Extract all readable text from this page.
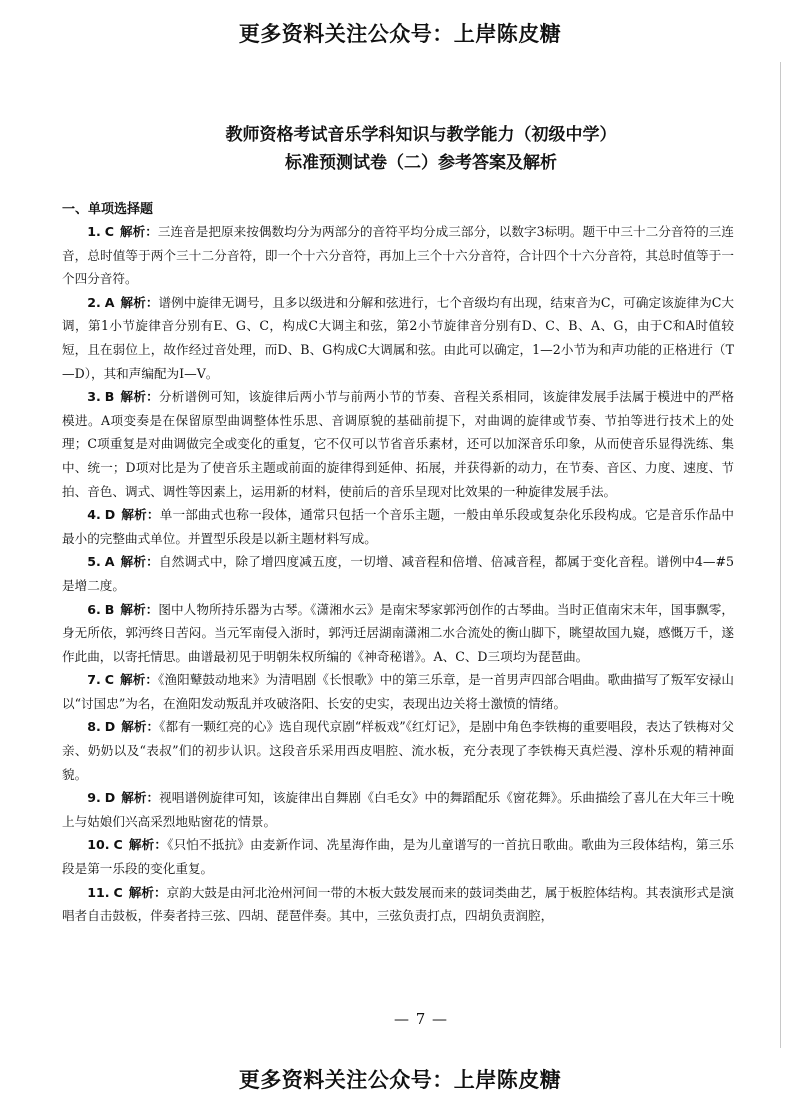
更多资料关注公众号：上岸陈皮糖
教师资格考试音乐学科知识与教学能力（初级中学）
标准预测试卷（二）参考答案及解析
一、单项选择题

1. C 解析：三连音是把原来按偶数均分为两部分的音符平均分成三部分，以数字3标明。题干中三十二分音符的三连音，总时值等于两个三十二分音符，即一个十六分音符，再加上三个十六分音符，合计四个十六分音符，其总时值等于一个四分音符。

2. A 解析：谱例中旋律无调号，且多以级进和分解和弦进行，七个音级均有出现，结束音为C，可确定该旋律为C大调，第1小节旋律音分别有E、G、C，构成C大调主和弦，第2小节旋律音分别有D、C、B、A、G，由于C和A时值较短，且在弱位上，故作经过音处理，而D、B、G构成C大调属和弦。由此可以确定，1—2小节为和声功能的正格进行（T—D），其和声编配为Ⅰ—Ⅴ。

3. B 解析：分析谱例可知，该旋律后两小节与前两小节的节奏、音程关系相同，该旋律发展手法属于模进中的严格模进。A项变奏是在保留原型曲调整体性乐思、音调原貌的基础前提下，对曲调的旋律或节奏、节拍等进行技术上的处理；C项重复是对曲调做完全或变化的重复，它不仅可以节省音乐素材，还可以加深音乐印象，从而使音乐显得洗练、集中、统一；D项对比是为了使音乐主题或前面的旋律得到延伸、拓展，并获得新的动力，在节奏、音区、力度、速度、节拍、音色、调式、调性等因素上，运用新的材料，使前后的音乐呈现对比效果的一种旋律发展手法。

4. D 解析：单一部曲式也称一段体，通常只包括一个音乐主题，一般由单乐段或复杂化乐段构成。它是音乐作品中最小的完整曲式单位。并置型乐段是以新主题材料写成。

5. A 解析：自然调式中，除了增四度减五度，一切增、减音程和倍增、倍减音程，都属于变化音程。谱例中4—#5是增二度。

6. B 解析：图中人物所持乐器为古琴。《潇湘水云》是南宋琴家郭沔创作的古琴曲。当时正值南宋末年，国事飘零，身无所依，郭沔终日苦闷。当元军南侵入浙时，郭沔迁居湖南潇湘二水合流处的衡山脚下，眺望故国九嶷，感慨万千，遂作此曲，以寄托情思。曲谱最初见于明朝朱权所编的《神奇秘谱》。A、C、D三项均为琵琶曲。

7. C 解析：《渔阳鼙鼓动地来》为清唱剧《长恨歌》中的第三乐章，是一首男声四部合唱曲。歌曲描写了叛军安禄山以“讨国忠”为名，在渔阳发动叛乱并攻破洛阳、长安的史实，表现出边关将士激愤的情绪。

8. D 解析：《都有一颗红亮的心》选自现代京剧“样板戏”《红灯记》，是剧中角色李铁梅的重要唱段，表达了铁梅对父亲、奶奶以及“表叔”们的初步认识。这段音乐采用西皮唱腔、流水板，充分表现了李铁梅天真烂漫、淳朴乐观的精神面貌。

9. D 解析：视唱谱例旋律可知，该旋律出自舞剧《白毛女》中的舞蹈配乐《窗花舞》。乐曲描绘了喜儿在大年三十晚上与姑娘们兴高采烈地贴窗花的情景。

10. C 解析：《只怕不抵抗》由麦新作词、冼星海作曲，是为儿童谱写的一首抗日歌曲。歌曲为三段体结构，第三乐段是第一乐段的变化重复。

11. C 解析：京韵大鼓是由河北沧州河间一带的木板大鼓发展而来的鼓词类曲艺，属于板腔体结构。其表演形式是演唱者自击鼓板，伴奏者持三弦、四胡、琵琶伴奏。其中，三弦负责打点，四胡负责润腔，

— 7 —
更多资料关注公众号：上岸陈皮糖
